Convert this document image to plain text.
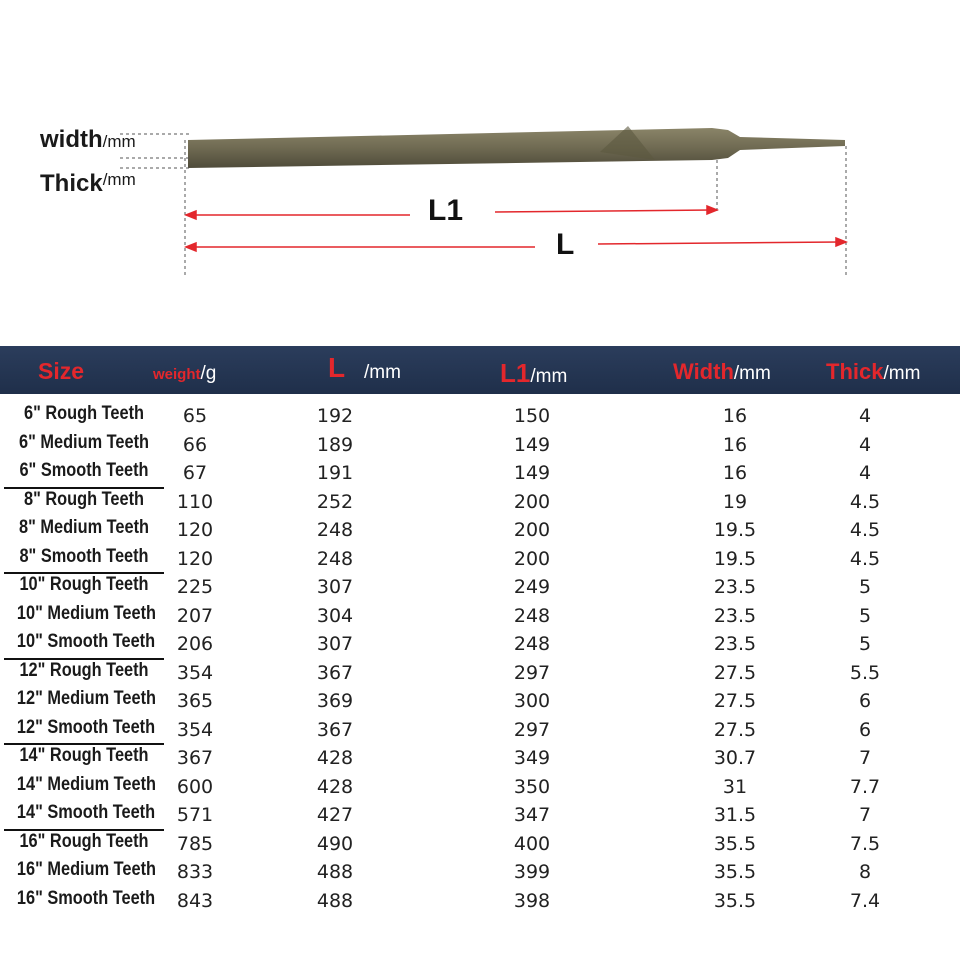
width/mm
Thick/mm
L1
L
Size	weight/g	L /mm	L1/mm	Width/mm	Thick/mm
6" Rough Teeth	65	192	150	16	4
6" Medium Teeth	66	189	149	16	4
6" Smooth Teeth	67	191	149	16	4
8" Rough Teeth	110	252	200	19	4.5
8" Medium Teeth	120	248	200	19.5	4.5
8" Smooth Teeth	120	248	200	19.5	4.5
10" Rough Teeth	225	307	249	23.5	5
10" Medium Teeth	207	304	248	23.5	5
10" Smooth Teeth	206	307	248	23.5	5
12" Rough Teeth	354	367	297	27.5	5.5
12" Medium Teeth	365	369	300	27.5	6
12" Smooth Teeth	354	367	297	27.5	6
14" Rough Teeth	367	428	349	30.7	7
14" Medium Teeth	600	428	350	31	7.7
14" Smooth Teeth	571	427	347	31.5	7
16" Rough Teeth	785	490	400	35.5	7.5
16" Medium Teeth	833	488	399	35.5	8
16" Smooth Teeth	843	488	398	35.5	7.4
